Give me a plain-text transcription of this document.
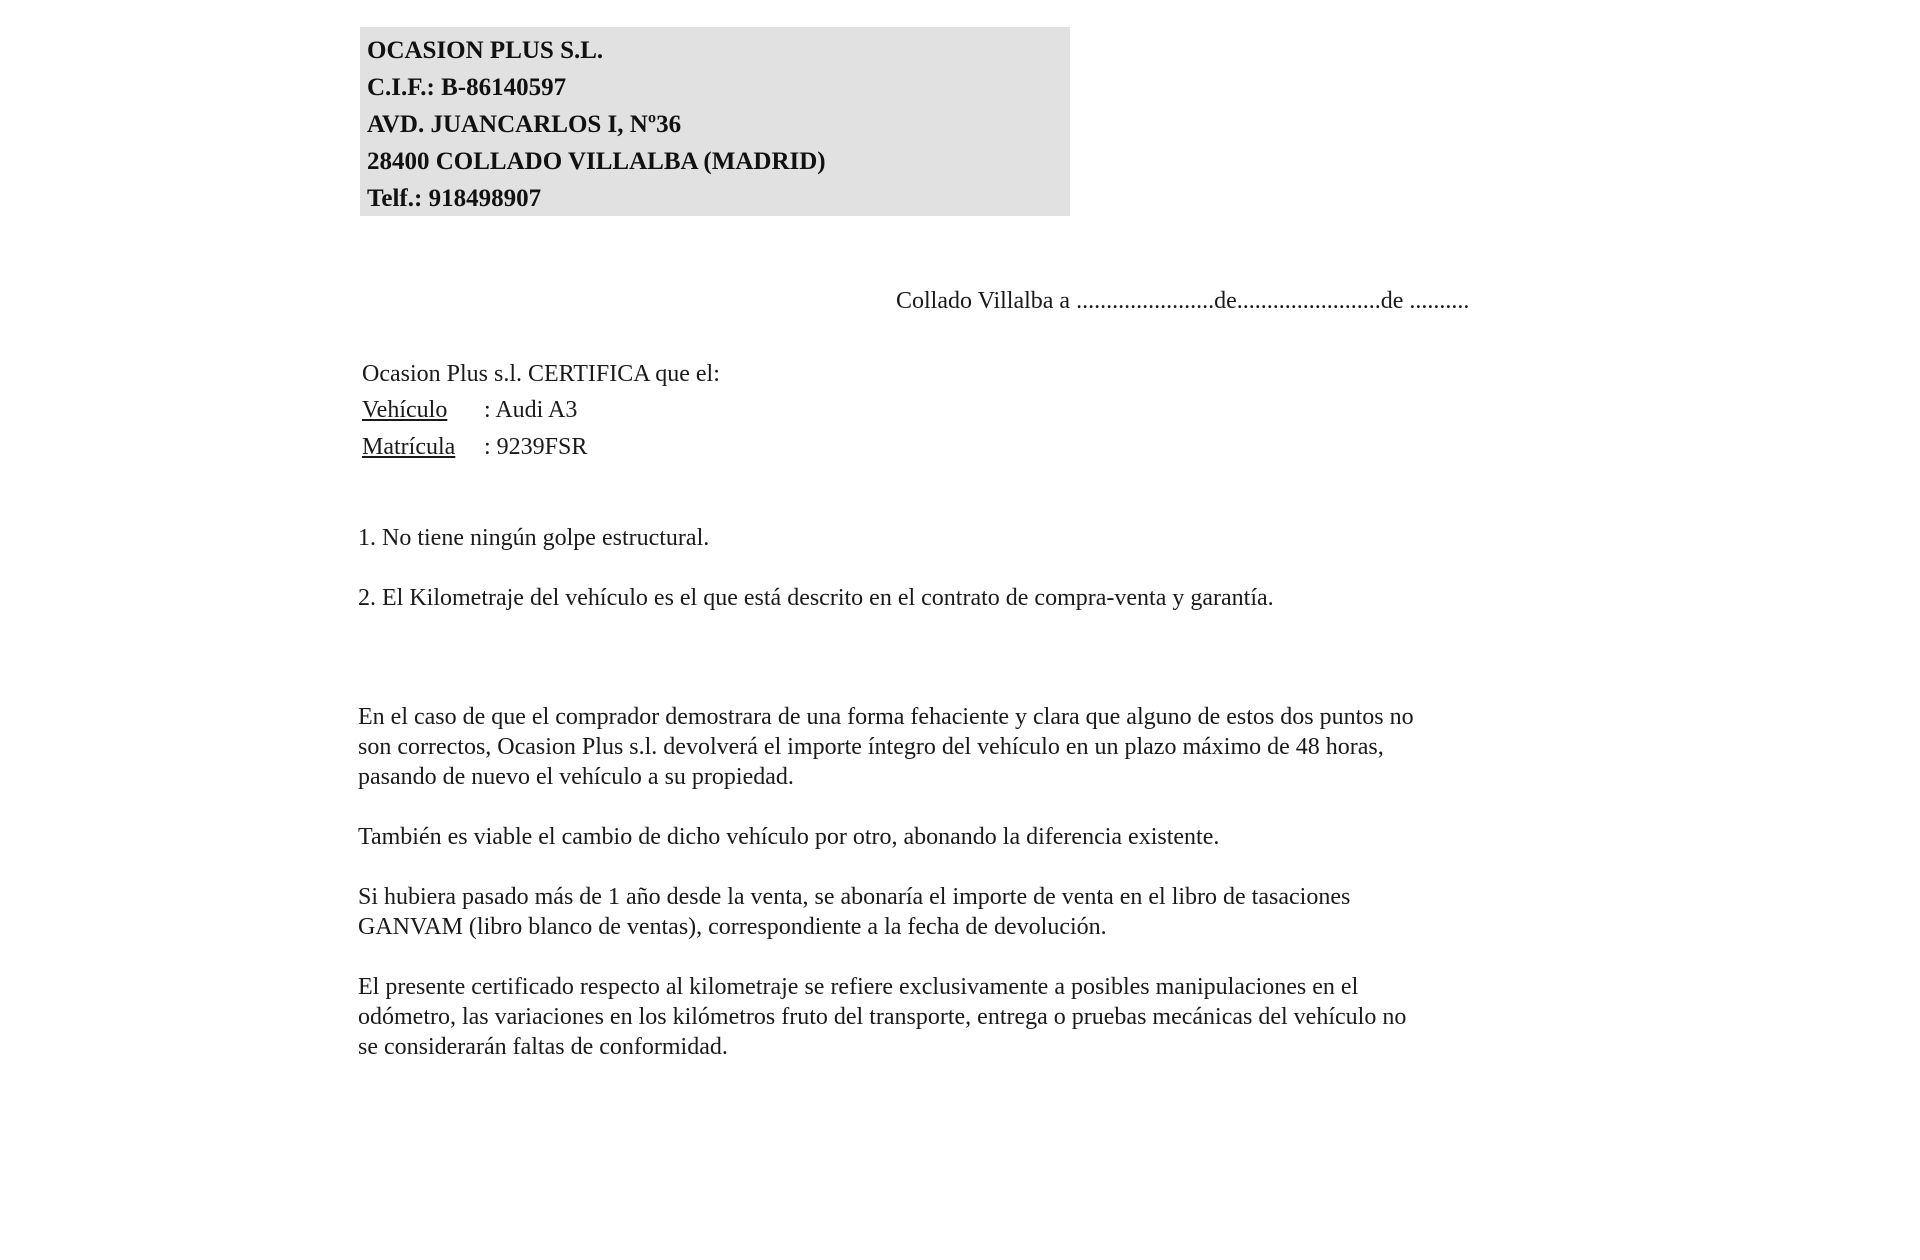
OCASION PLUS S.L.
C.I.F.: B-86140597
AVD. JUANCARLOS I, Nº36
28400 COLLADO VILLALBA (MADRID)
Telf.: 918498907
Collado Villalba a .......................de........................de ..........
Ocasion Plus s.l. CERTIFICA que el:
Vehículo	: Audi A3
Matrícula	: 9239FSR
1. No tiene ningún golpe estructural.
2. El Kilometraje del vehículo es el que está descrito en el contrato de compra-venta y garantía.
En el caso de que el comprador demostrara de una forma fehaciente y clara que alguno de estos dos puntos no
son correctos, Ocasion Plus s.l. devolverá el importe íntegro del vehículo en un plazo máximo de 48 horas,
pasando de nuevo el vehículo a su propiedad.
También es viable el cambio de dicho vehículo por otro, abonando la diferencia existente.
Si hubiera pasado más de 1 año desde la venta, se abonaría el importe de venta en el libro de tasaciones
GANVAM (libro blanco de ventas), correspondiente a la fecha de devolución.
El presente certificado respecto al kilometraje se refiere exclusivamente a posibles manipulaciones en el
odómetro, las variaciones en los kilómetros fruto del transporte, entrega o pruebas mecánicas del vehículo no
se considerarán faltas de conformidad.
